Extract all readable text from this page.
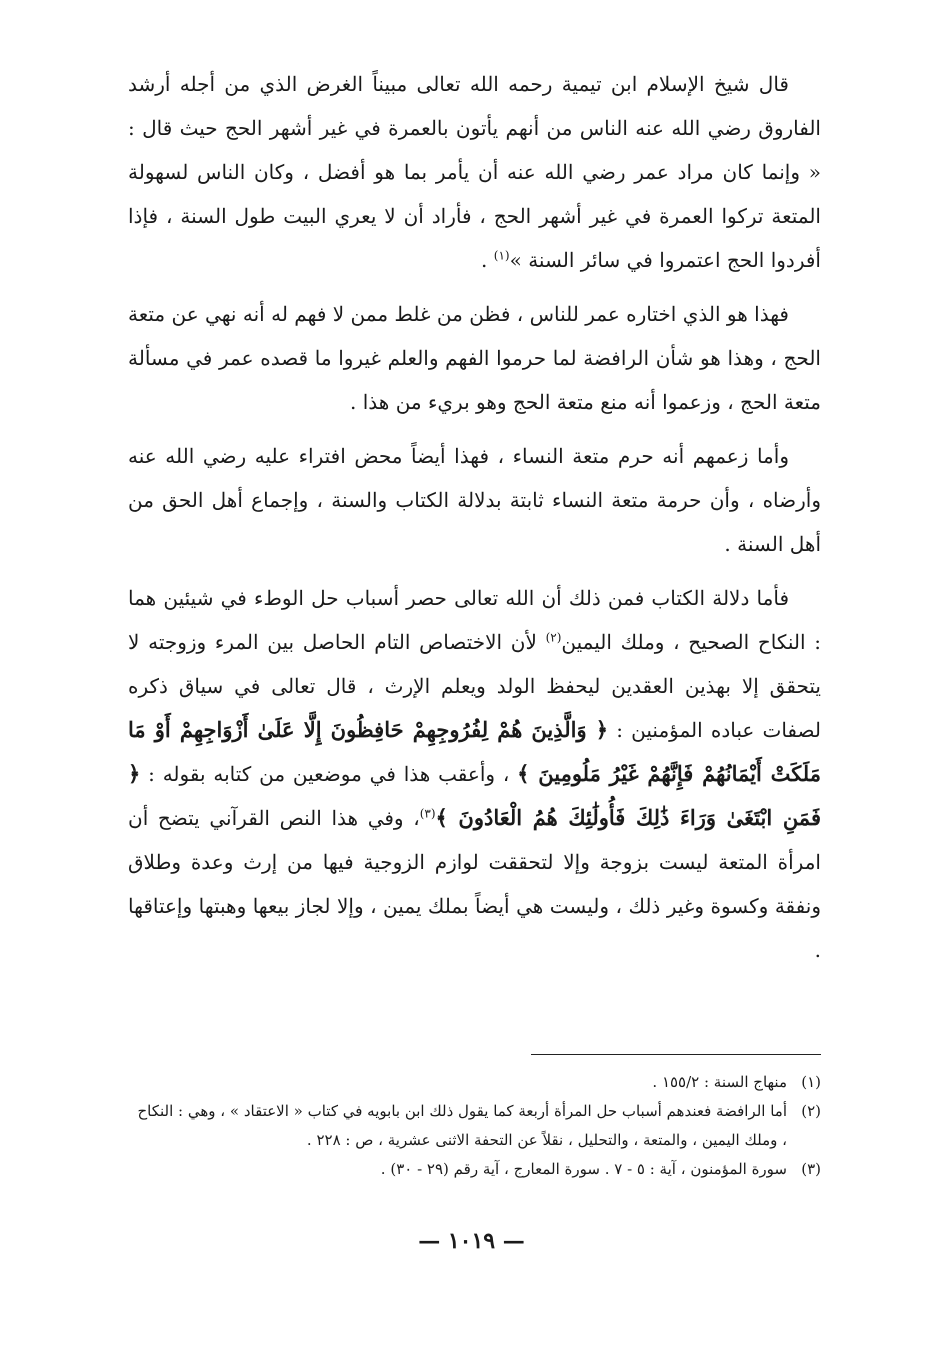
قال شيخ الإسلام ابن تيمية رحمه الله تعالى مبيناً الغرض الذي من أجله أرشد الفاروق رضي الله عنه الناس من أنهم يأتون بالعمرة في غير أشهر الحج حيث قال : « وإنما كان مراد عمر رضي الله عنه أن يأمر بما هو أفضل ، وكان الناس لسهولة المتعة تركوا العمرة في غير أشهر الحج ، فأراد أن لا يعري البيت طول السنة ، فإذا أفردوا الحج اعتمروا في سائر السنة »$^{(١)}$ .

فهذا هو الذي اختاره عمر للناس ، فظن من غلط ممن لا فهم له أنه نهي عن متعة الحج ، وهذا هو شأن الرافضة لما حرموا الفهم والعلم غيروا ما قصده عمر في مسألة متعة الحج ، وزعموا أنه منع متعة الحج وهو بريء من هذا .

وأما زعمهم أنه حرم متعة النساء ، فهذا أيضاً محض افتراء عليه رضي الله عنه وأرضاه ، وأن حرمة متعة النساء ثابتة بدلالة الكتاب والسنة ، وإجماع أهل الحق من أهل السنة .

فأما دلالة الكتاب فمن ذلك أن الله تعالى حصر أسباب حل الوطء في شيئين هما : النكاح الصحيح ، وملك اليمين$^{(٢)}$ لأن الاختصاص التام الحاصل بين المرء وزوجته لا يتحقق إلا بهذين العقدين ليحفظ الولد ويعلم الإرث ، قال تعالى في سياق ذكره لصفات عباده المؤمنين : ﴿ وَالَّذِينَ هُمْ لِفُرُوجِهِمْ حَافِظُونَ إِلَّا عَلَىٰ أَزْوَاجِهِمْ أَوْ مَا مَلَكَتْ أَيْمَانُهُمْ فَإِنَّهُمْ غَيْرُ مَلُومِينَ ﴾ ، وأعقب هذا في موضعين من كتابه بقوله : ﴿ فَمَنِ ابْتَغَىٰ وَرَاءَ ذَٰلِكَ فَأُولَٰئِكَ هُمُ الْعَادُونَ ﴾$^{(٣)}$، وفي هذا النص القرآني يتضح أن امرأة المتعة ليست بزوجة وإلا لتحققت لوازم الزوجية فيها من إرث وعدة وطلاق ونفقة وكسوة وغير ذلك ، وليست هي أيضاً بملك يمين ، وإلا لجاز بيعها وهبتها وإعتاقها .

(١)
منهاج السنة : ١٥٥/٢ .

(٢)
أما الرافضة فعندهم أسباب حل المرأة أربعة كما يقول ذلك ابن بابويه في كتاب « الاعتقاد » ، وهي : النكاح ، وملك اليمين ، والمتعة ، والتحليل ، نقلاً عن التحفة الاثنى عشرية ، ص : ٢٢٨ .

(٣)
سورة المؤمنون ، آية : ٥ - ٧ . سورة المعارج ، آية رقم (٢٩ - ٣٠) .

— ١٠١٩ —
